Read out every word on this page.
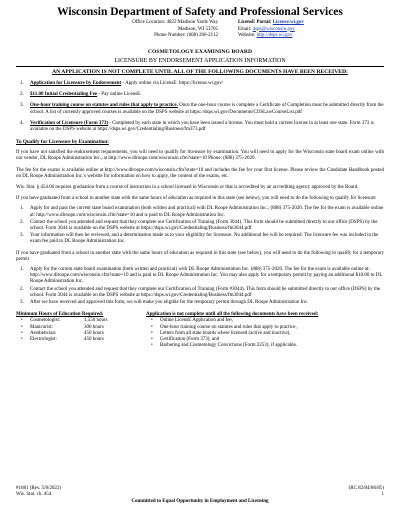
Wisconsin Department of Safety and Professional Services
Office Location: 4822 Madison Yards Way
Madison, WI 53705
Phone Number: (608) 266-2112
LicensE Portal: License.wi.gov
Email: dsps@wisconsin.gov
Website: http://dsps.wi.gov
COSMETOLOGY EXAMINING BOARD
LICENSURE BY ENDORSEMENT APPLICATION INFORMATION
AN APPLICATION IS NOT COMPLETE UNTIL ALL OF THE FOLLOWING DOCUMENTS HAVE BEEN RECEIVED:
1. Application for Licensure by Endorsement - Apply online via LicensE: https://license.wi.gov/
2. $11.00 Initial Credentialing Fee - Pay online LicensE.
3. One-hour training course on statutes and rules that apply to practice. Once the one-hour course is complete a Certificate of Completion must be submitted directly from the school. A list of currently approved courses is available on the DSPS website at https://dsps.wi.gov/Documents/COSLawCourseList.pdf
4. Verification of Licensure (Form 373) - Completed by each state in which you have been issued a license. You must hold a current license in at least one state. Form 373 is available on the DSPS website at https://dsps.wi.gov/Credentialing/Business/fm373.pdf
To Qualify for Licensure by Examination:
If you have not satisfied the endorsement requirements, you will need to qualify for licensure by examination. You will need to apply for the Wisconsin state board exam online with our vendor, DL Roope Administration Inc., at http://www.dlroope.com/wisconsin.cfm?state=10 Phone: (888) 375-2020.
The fee for the exams is available online at http://www.dlroope.com/wisconsin.cfm?state=10 and includes the fee for your first license. Please review the Candidate Handbook posted on DL Roope Administration Inc.'s website for information on how to apply, the content of the exams, etc.
Wis. Stat. § 454.06 requires graduation from a course of instruction in a school licensed in Wisconsin or that is accredited by an accrediting agency approved by the Board.
If you have graduated from a school in another state with the same hours of education as required in this state (see below), you will need to do the following to qualify for licensure
1. Apply for and pass the current state board examination (both written and practical) with DL Roope Administration Inc.; (888) 375-2020. The fee for the exam is available online at: http://www.dlroope.com/wisconsin.cfm?state=10 and is paid to DL Roope Administration Inc.
2. Contact the school you attended and request that they complete our Certification of Training (Form 3044). This form should be submitted directly to our office (DSPS) by the school. Form 3044 is available on the DSPS website at https://dsps.wi.gov/Credentialing/Business/fm3044.pdf
3. Your information will then be reviewed, and a determination made as to your eligibility for licensure. No additional fee will be required. The licensure fee was included in the exam fee paid to DL Roope Administration Inc.
If you have graduated from a school in another state with the same hours of education as required in this state (see below), you will need to do the following to qualify for a temporary permit
1. Apply for the current state board examination (both written and practical) with DL Roope Administration Inc. (888) 375-2020. The fee for the exam is available online at: http://www.dlroope.com/wisconsin.cfm?state=10 and is paid to DL Roope Administration Inc. You may also apply for a temporary permit by paying an additional $10.00 to DL Roope Administration Inc.
2. Contact the school you attended and request that they complete our Certification of Training (Form #3044). This form should be submitted directly to our office (DSPS) by the school. Form 3044 is available on the DSPS website at https://dsps.wi.gov/Credentialing/Business/fm3044.pdf
3. After we have received and approved this form, we will make you eligible for the temporary permit through DL Roope Administration Inc.
Minimum Hours of Education Required:
• Cosmetologist:	1,550 hours
• Manicurist:	300 hours
• Aesthetician:	450 hours
• Electrologist:	450 hours
Application is not complete until all the following documents have been received:
• Online LicensE Application and fee,
• One-hour training course on statutes and rules that apply to practice,
• Letters from all state boards where licensed (active and inactive),
• Certification (Form 373), and
• Barbering and Cosmetology Convictions (Form 2253), if applicable.
#1681 (Rev. 5/8/2022)
Wis. Stat. ch. 454
(RC 82/84/86/85)
1
Committed to Equal Opportunity in Employment and Licensing
